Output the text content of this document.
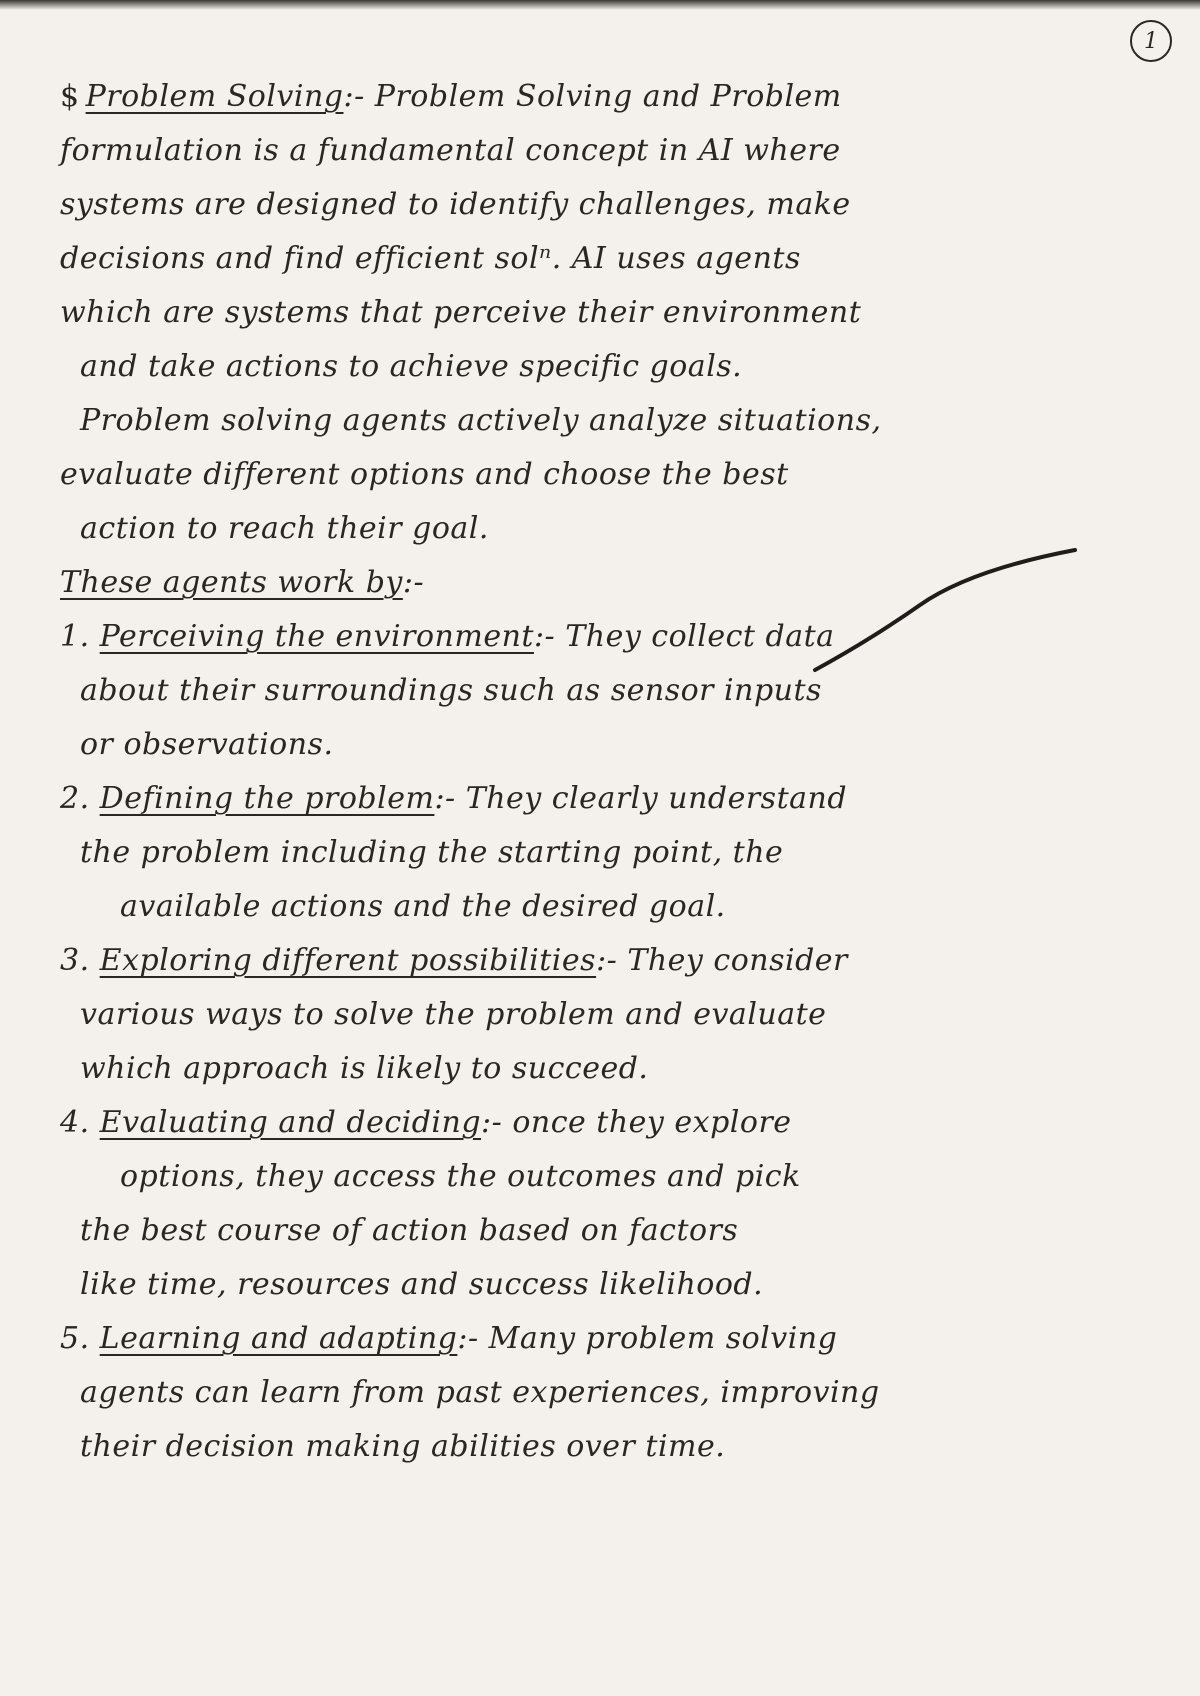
1
$ Problem Solving:- Problem Solving and Problem
formulation is a fundamental concept in AI where
systems are designed to identify challenges, make
decisions and find efficient solⁿ. AI uses agents
which are systems that perceive their environment
and take actions to achieve specific goals.
Problem solving agents actively analyze situations,
evaluate different options and choose the best
action to reach their goal.
These agents work by:-
1. Perceiving the environment:- They collect data
about their surroundings such as sensor inputs
or observations.
2. Defining the problem:- They clearly understand
the problem including the starting point, the
available actions and the desired goal.
3. Exploring different possibilities:- They consider
various ways to solve the problem and evaluate
which approach is likely to succeed.
4. Evaluating and deciding:- once they explore
options, they access the outcomes and pick
the best course of action based on factors
like time, resources and success likelihood.
5. Learning and adapting:- Many problem solving
agents can learn from past experiences, improving
their decision making abilities over time.
